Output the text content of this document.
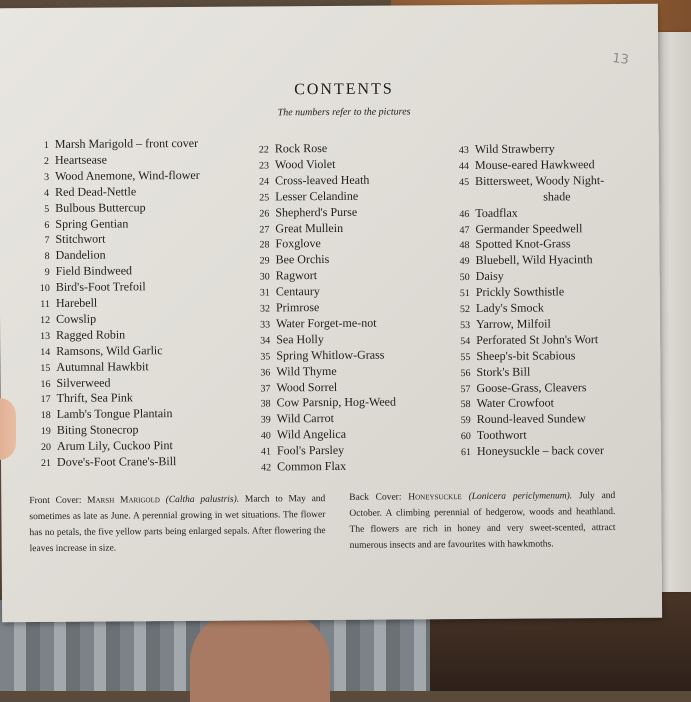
13
CONTENTS
The numbers refer to the pictures
1 Marsh Marigold – front cover
2 Heartsease
3 Wood Anemone, Wind-flower
4 Red Dead-Nettle
5 Bulbous Buttercup
6 Spring Gentian
7 Stitchwort
8 Dandelion
9 Field Bindweed
10 Bird's-Foot Trefoil
11 Harebell
12 Cowslip
13 Ragged Robin
14 Ramsons, Wild Garlic
15 Autumnal Hawkbit
16 Silverweed
17 Thrift, Sea Pink
18 Lamb's Tongue Plantain
19 Biting Stonecrop
20 Arum Lily, Cuckoo Pint
21 Dove's-Foot Crane's-Bill
22 Rock Rose
23 Wood Violet
24 Cross-leaved Heath
25 Lesser Celandine
26 Shepherd's Purse
27 Great Mullein
28 Foxglove
29 Bee Orchis
30 Ragwort
31 Centaury
32 Primrose
33 Water Forget-me-not
34 Sea Holly
35 Spring Whitlow-Grass
36 Wild Thyme
37 Wood Sorrel
38 Cow Parsnip, Hog-Weed
39 Wild Carrot
40 Wild Angelica
41 Fool's Parsley
42 Common Flax
43 Wild Strawberry
44 Mouse-eared Hawkweed
45 Bittersweet, Woody Night-
shade
46 Toadflax
47 Germander Speedwell
48 Spotted Knot-Grass
49 Bluebell, Wild Hyacinth
50 Daisy
51 Prickly Sowthistle
52 Lady's Smock
53 Yarrow, Milfoil
54 Perforated St John's Wort
55 Sheep's-bit Scabious
56 Stork's Bill
57 Goose-Grass, Cleavers
58 Water Crowfoot
59 Round-leaved Sundew
60 Toothwort
61 Honeysuckle – back cover
Front Cover: Marsh Marigold (Caltha palustris). March to May and sometimes as late as June. A perennial growing in wet situations. The flower has no petals, the five yellow parts being enlarged sepals. After flowering the leaves increase in size.
Back Cover: Honeysuckle (Lonicera periclymenum). July and October. A climbing perennial of hedgerow, woods and heathland. The flowers are rich in honey and very sweet-scented, attract numerous insects and are favourites with hawkmoths.
